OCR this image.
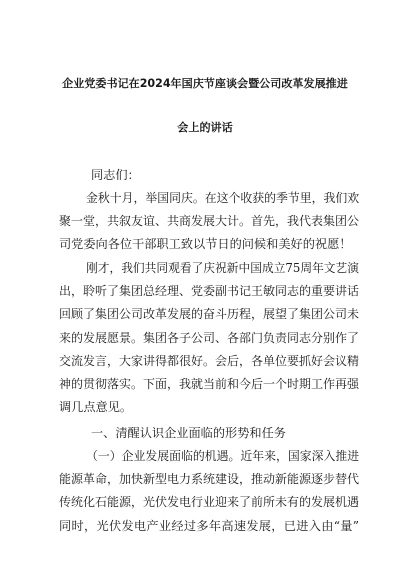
企业党委书记在2024年国庆节座谈会暨公司改革发展推进
会上的讲话
同志们：
金秋十月，举国同庆。在这个收获的季节里，我们欢
聚一堂，共叙友谊、共商发展大计。首先，我代表集团公
司党委向各位干部职工致以节日的问候和美好的祝愿！
刚才，我们共同观看了庆祝新中国成立75周年文艺演
出，聆听了集团总经理、党委副书记王敏同志的重要讲话
回顾了集团公司改革发展的奋斗历程，展望了集团公司未
来的发展愿景。集团各子公司、各部门负责同志分别作了
交流发言，大家讲得都很好。会后，各单位要抓好会议精
神的贯彻落实。下面，我就当前和今后一个时期工作再强
调几点意见。
一、清醒认识企业面临的形势和任务
（一）企业发展面临的机遇。近年来，国家深入推进
能源革命，加快新型电力系统建设，推动新能源逐步替代
传统化石能源，光伏发电行业迎来了前所未有的发展机遇
同时，光伏发电产业经过多年高速发展，已进入由“量”
